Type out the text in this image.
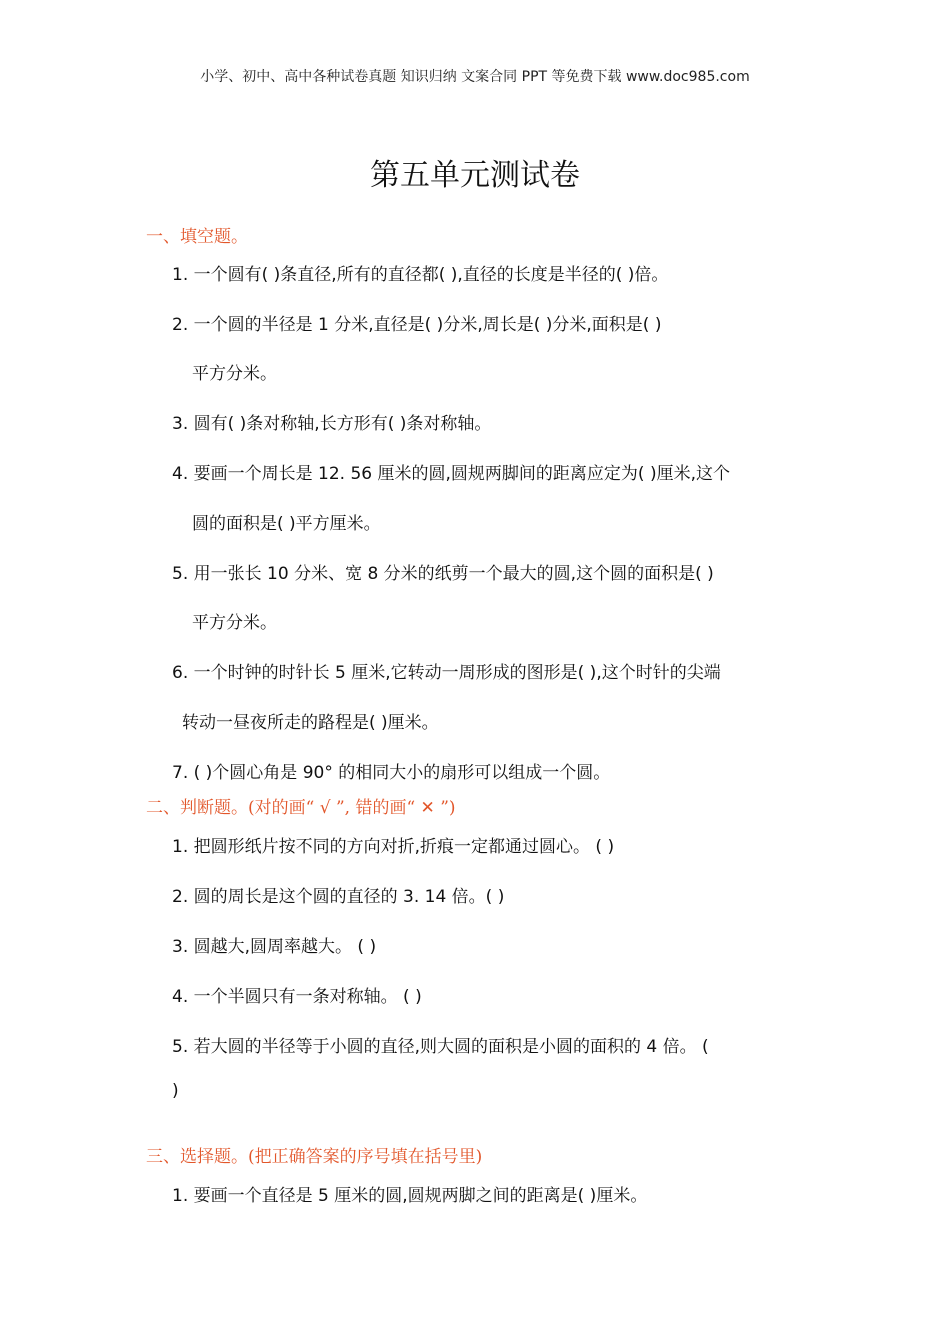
小学、初中、高中各种试卷真题 知识归纳 文案合同 PPT 等免费下载 www.doc985.com
第五单元测试卷
一、填空题。
1. 一个圆有( )条直径,所有的直径都( ),直径的长度是半径的( )倍。
2. 一个圆的半径是 1 分米,直径是( )分米,周长是( )分米,面积是( )
平方分米。
3. 圆有( )条对称轴,长方形有( )条对称轴。
4. 要画一个周长是 12. 56 厘米的圆,圆规两脚间的距离应定为( )厘米,这个
圆的面积是( )平方厘米。
5. 用一张长 10 分米、宽 8 分米的纸剪一个最大的圆,这个圆的面积是( )
平方分米。
6. 一个时钟的时针长 5 厘米,它转动一周形成的图形是( ),这个时针的尖端
转动一昼夜所走的路程是( )厘米。
7. ( )个圆心角是 90° 的相同大小的扇形可以组成一个圆。
二、判断题。(对的画“ √ ”, 错的画“ ✕ ”)
1. 把圆形纸片按不同的方向对折,折痕一定都通过圆心。 ( )
2. 圆的周长是这个圆的直径的 3. 14 倍。( )
3. 圆越大,圆周率越大。 ( )
4. 一个半圆只有一条对称轴。 ( )
5. 若大圆的半径等于小圆的直径,则大圆的面积是小圆的面积的 4 倍。 (
)
三、选择题。(把正确答案的序号填在括号里)
1. 要画一个直径是 5 厘米的圆,圆规两脚之间的距离是( )厘米。
